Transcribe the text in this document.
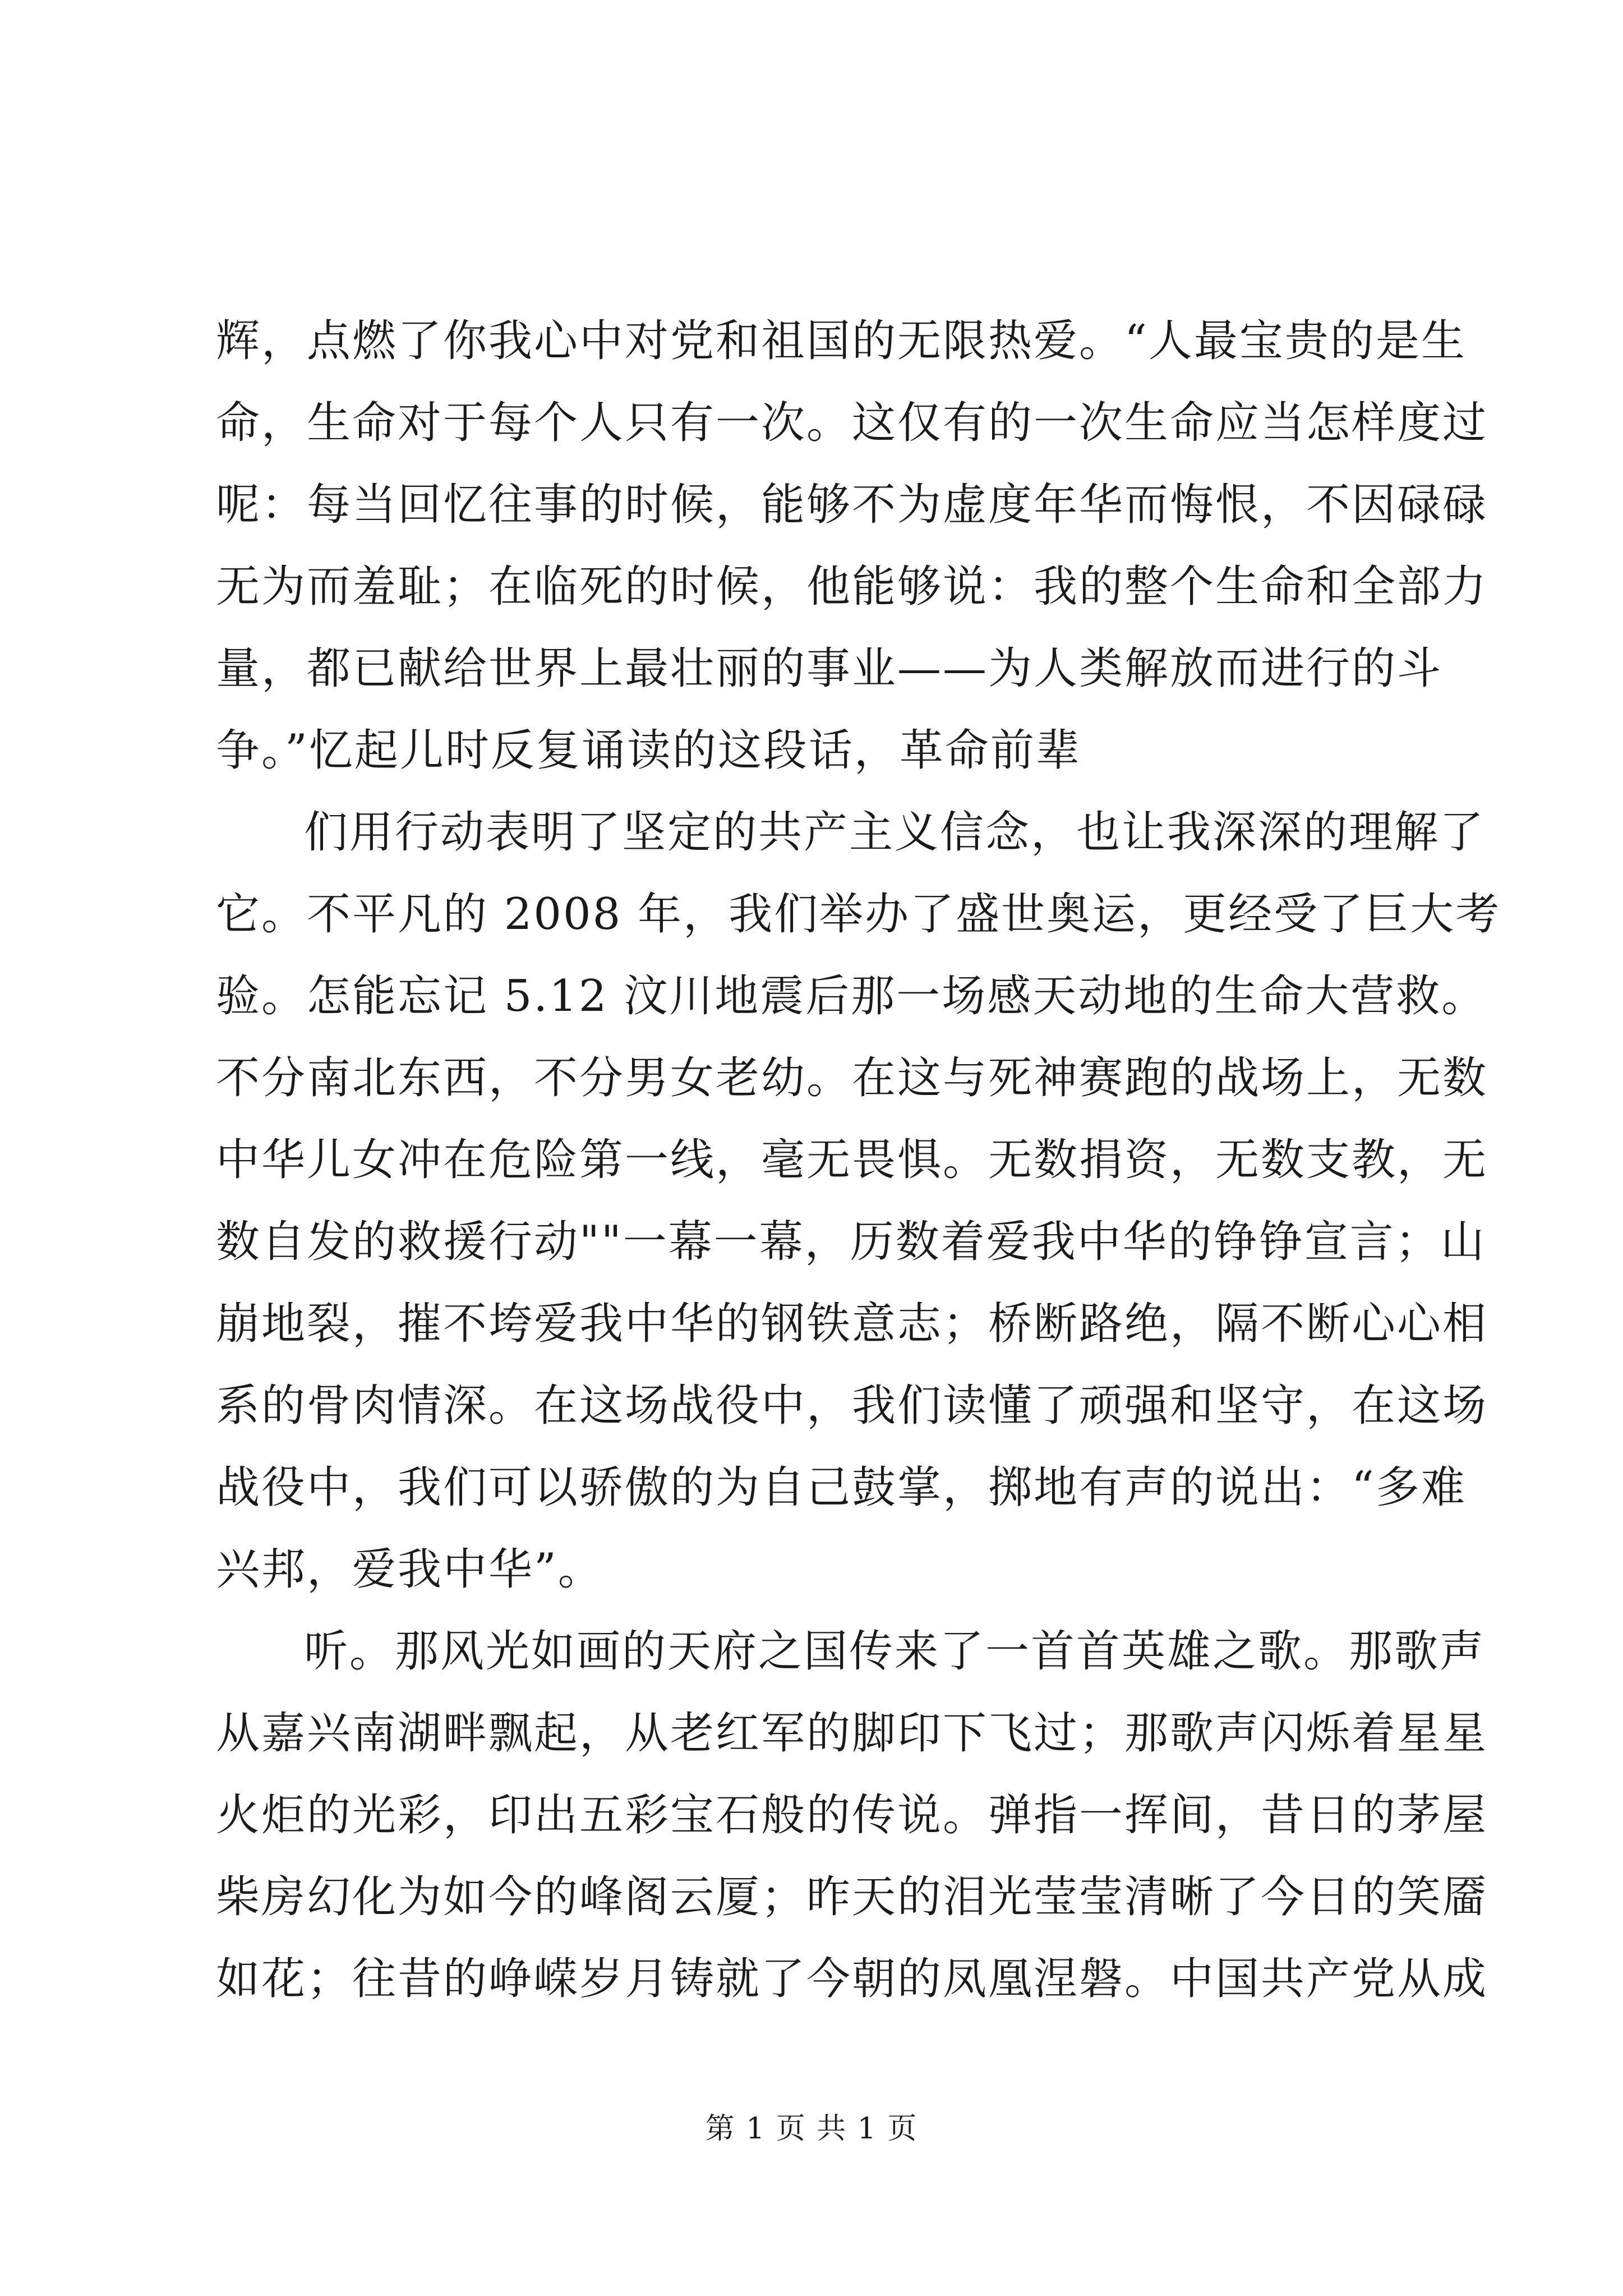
辉，点燃了你我心中对党和祖国的无限热爱。“人最宝贵的是生
命，生命对于每个人只有一次。这仅有的一次生命应当怎样度过
呢：每当回忆往事的时候，能够不为虚度年华而悔恨，不因碌碌
无为而羞耻；在临死的时候，他能够说：我的整个生命和全部力
量，都已献给世界上最壮丽的事业——为人类解放而进行的斗
争。”忆起儿时反复诵读的这段话，革命前辈
们用行动表明了坚定的共产主义信念，也让我深深的理解了
它。不平凡的 2008 年，我们举办了盛世奥运，更经受了巨大考
验。怎能忘记 5.12 汶川地震后那一场感天动地的生命大营救。
不分南北东西，不分男女老幼。在这与死神赛跑的战场上，无数
中华儿女冲在危险第一线，毫无畏惧。无数捐资，无数支教，无
数自发的救援行动""一幕一幕，历数着爱我中华的铮铮宣言；山
崩地裂，摧不垮爱我中华的钢铁意志；桥断路绝，隔不断心心相
系的骨肉情深。在这场战役中，我们读懂了顽强和坚守，在这场
战役中，我们可以骄傲的为自己鼓掌，掷地有声的说出：“多难
兴邦，爱我中华”。
听。那风光如画的天府之国传来了一首首英雄之歌。那歌声
从嘉兴南湖畔飘起，从老红军的脚印下飞过；那歌声闪烁着星星
火炬的光彩，印出五彩宝石般的传说。弹指一挥间，昔日的茅屋
柴房幻化为如今的峰阁云厦；昨天的泪光莹莹清晰了今日的笑靥
如花；往昔的峥嵘岁月铸就了今朝的凤凰涅磐。中国共产党从成
第 1 页 共 1 页
